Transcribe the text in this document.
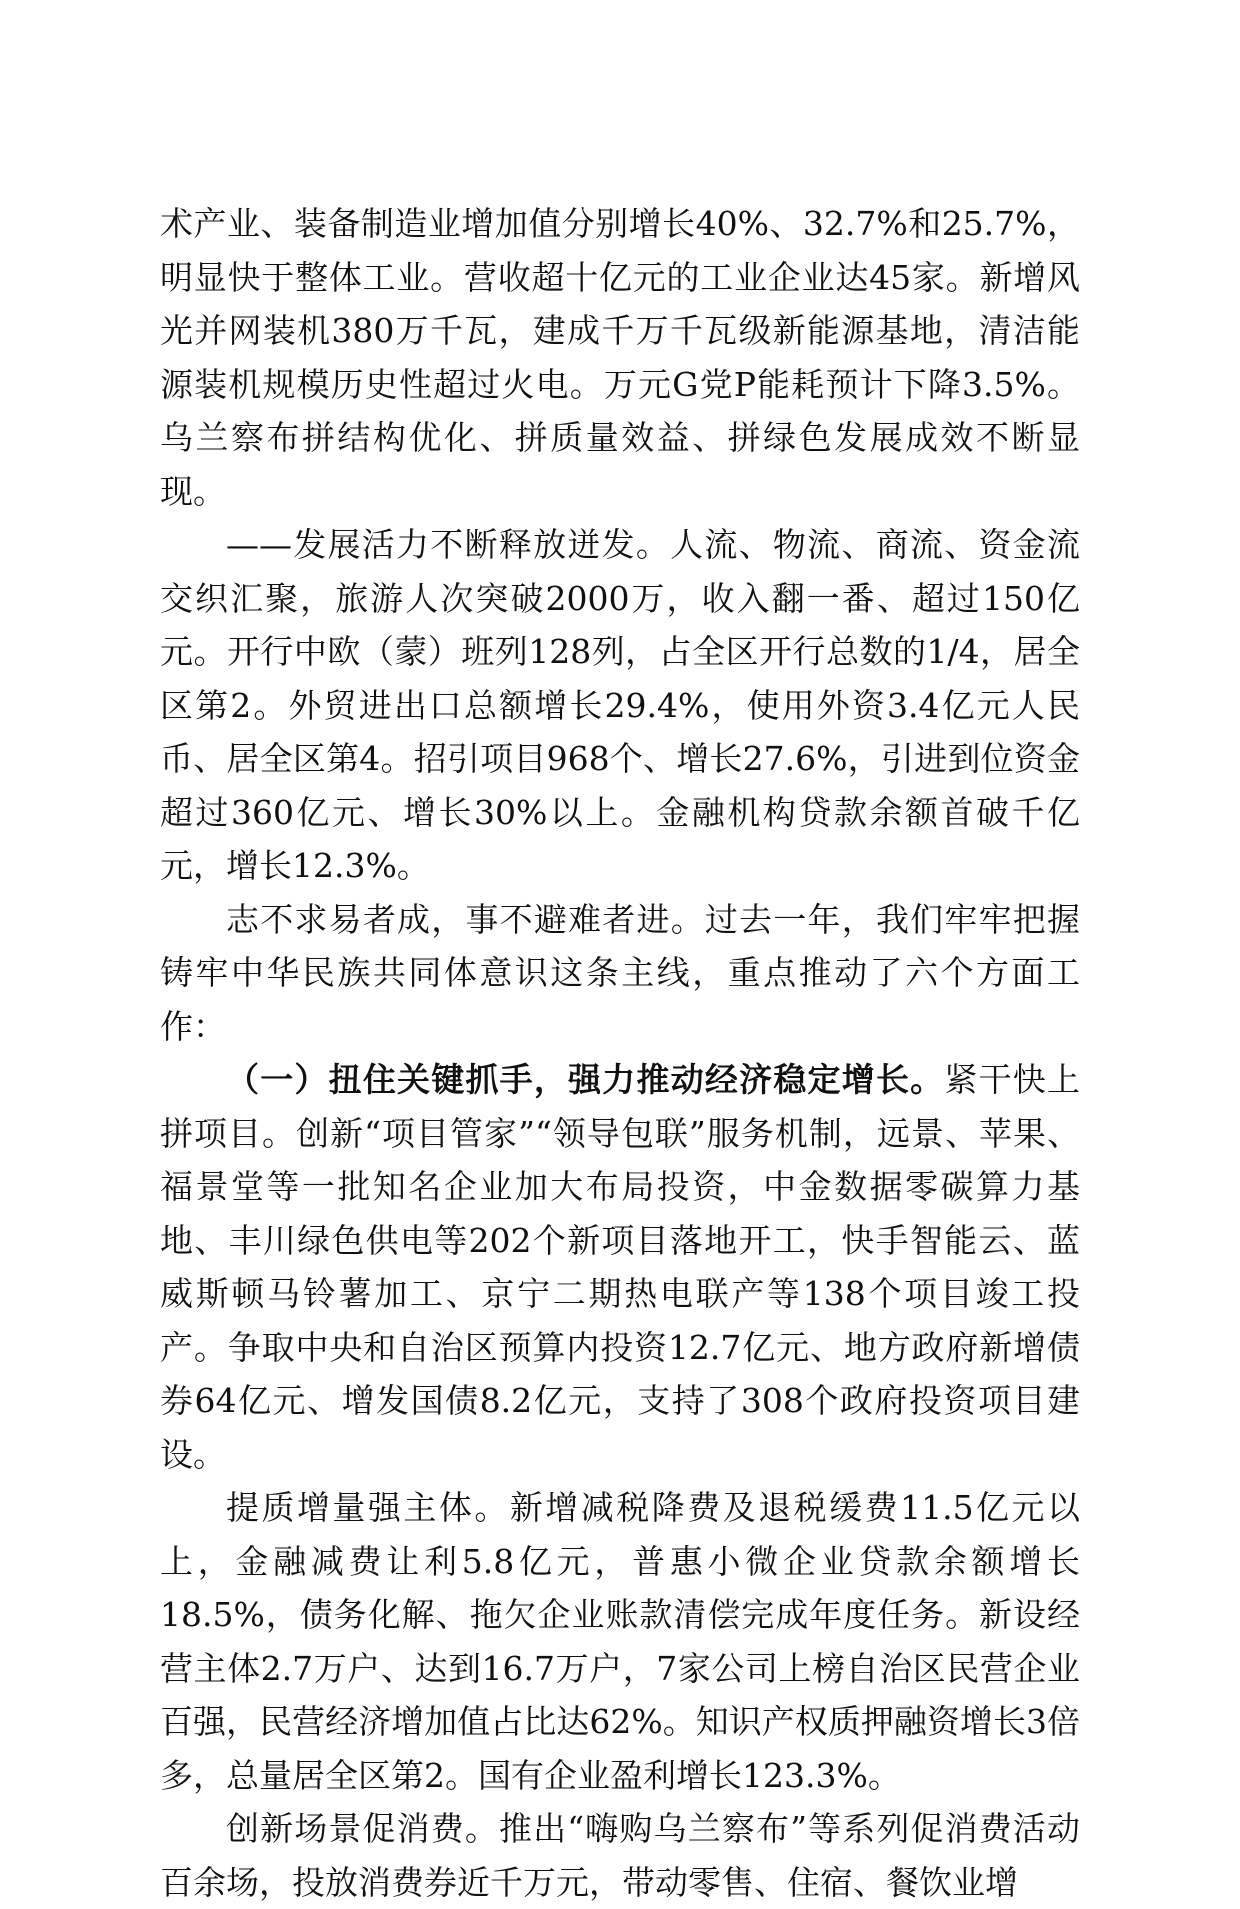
术产业、装备制造业增加值分别增长40%、32.7%和25.7%，明显快于整体工业。营收超十亿元的工业企业达45家。新增风光并网装机380万千瓦，建成千万千瓦级新能源基地，清洁能源装机规模历史性超过火电。万元G党P能耗预计下降3.5%。乌兰察布拼结构优化、拼质量效益、拼绿色发展成效不断显现。

——发展活力不断释放迸发。人流、物流、商流、资金流交织汇聚，旅游人次突破2000万，收入翻一番、超过150亿元。开行中欧（蒙）班列128列，占全区开行总数的1/4，居全区第2。外贸进出口总额增长29.4%，使用外资3.4亿元人民币、居全区第4。招引项目968个、增长27.6%，引进到位资金超过360亿元、增长30%以上。金融机构贷款余额首破千亿元，增长12.3%。

志不求易者成，事不避难者进。过去一年，我们牢牢把握铸牢中华民族共同体意识这条主线，重点推动了六个方面工作：

（一）扭住关键抓手，强力推动经济稳定增长。紧干快上拼项目。创新“项目管家”“领导包联”服务机制，远景、苹果、福景堂等一批知名企业加大布局投资，中金数据零碳算力基地、丰川绿色供电等202个新项目落地开工，快手智能云、蓝威斯顿马铃薯加工、京宁二期热电联产等138个项目竣工投产。争取中央和自治区预算内投资12.7亿元、地方政府新增债券64亿元、增发国债8.2亿元，支持了308个政府投资项目建设。

提质增量强主体。新增减税降费及退税缓费11.5亿元以上，金融减费让利5.8亿元，普惠小微企业贷款余额增长18.5%，债务化解、拖欠企业账款清偿完成年度任务。新设经营主体2.7万户、达到16.7万户，7家公司上榜自治区民营企业百强，民营经济增加值占比达62%。知识产权质押融资增长3倍多，总量居全区第2。国有企业盈利增长123.3%。

创新场景促消费。推出“嗨购乌兰察布”等系列促消费活动百余场，投放消费券近千万元，带动零售、住宿、餐饮业增
